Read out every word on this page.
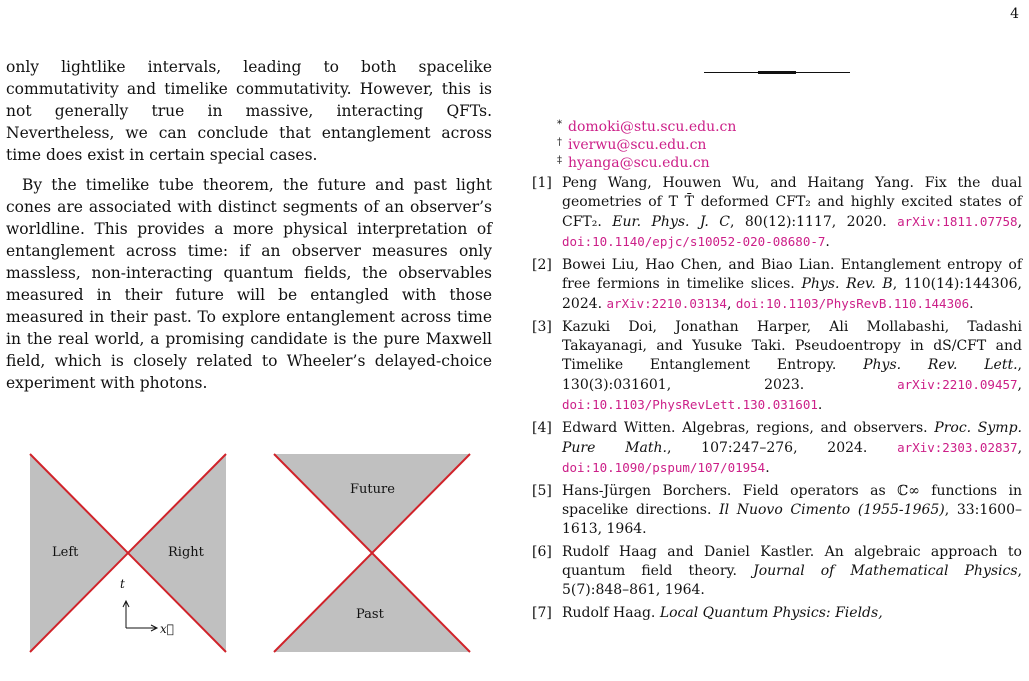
4

only lightlike intervals, leading to both spacelike commutativity and timelike commutativity. However, this is not generally true in massive, interacting QFTs. Nevertheless, we can conclude that entanglement across time does exist in certain special cases.

By the timelike tube theorem, the future and past light cones are associated with distinct segments of an observer’s worldline. This provides a more physical interpretation of entanglement across time: if an observer measures only massless, non-interacting quantum fields, the observables measured in their future will be entangled with those measured in their past. To explore entanglement across time in the real world, a promising candidate is the pure Maxwell field, which is closely related to Wheeler’s delayed-choice experiment with photons.

Left	Right
t
x⃗
Future
Past
* domoki@stu.scu.edu.cn
† iverwu@scu.edu.cn
‡ hyanga@scu.edu.cn
[1] Peng Wang, Houwen Wu, and Haitang Yang. Fix the dual geometries of T T̄ deformed CFT₂ and highly excited states of CFT₂. Eur. Phys. J. C, 80(12):1117, 2020. arXiv:1811.07758, doi:10.1140/epjc/s10052-020-08680-7.
[2] Bowei Liu, Hao Chen, and Biao Lian. Entanglement entropy of free fermions in timelike slices. Phys. Rev. B, 110(14):144306, 2024. arXiv:2210.03134, doi:10.1103/PhysRevB.110.144306.
[3] Kazuki Doi, Jonathan Harper, Ali Mollabashi, Tadashi Takayanagi, and Yusuke Taki. Pseudoentropy in dS/CFT and Timelike Entanglement Entropy. Phys. Rev. Lett., 130(3):031601, 2023. arXiv:2210.09457, doi:10.1103/PhysRevLett.130.031601.
[4] Edward Witten. Algebras, regions, and observers. Proc. Symp. Pure Math., 107:247–276, 2024. arXiv:2303.02837, doi:10.1090/pspum/107/01954.
[5] Hans-Jürgen Borchers. Field operators as ℂ∞ functions in spacelike directions. Il Nuovo Cimento (1955-1965), 33:1600–1613, 1964.
[6] Rudolf Haag and Daniel Kastler. An algebraic approach to quantum field theory. Journal of Mathematical Physics, 5(7):848–861, 1964.
[7] Rudolf Haag. Local Quantum Physics: Fields,
